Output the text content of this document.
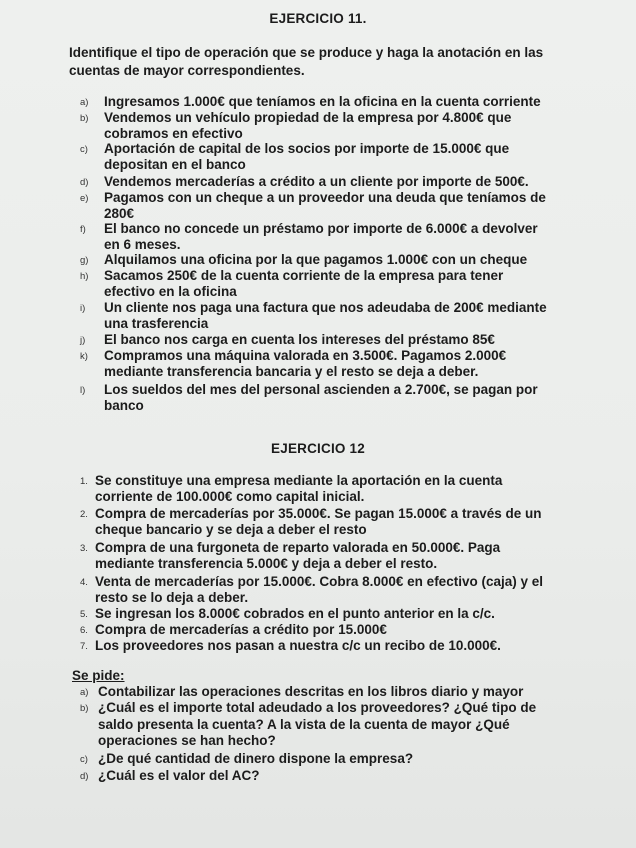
EJERCICIO 11.
Identifique el tipo de operación que se produce y haga la anotación en las cuentas de mayor correspondientes.
a) Ingresamos 1.000€ que teníamos en la oficina en la cuenta corriente
b) Vendemos un vehículo propiedad de la empresa por 4.800€ que cobramos en efectivo
c) Aportación de capital de los socios por importe de 15.000€ que depositan en el banco
d) Vendemos mercaderías a crédito a un cliente por importe de 500€.
e) Pagamos con un cheque a un proveedor una deuda que teníamos de 280€
f) El banco no concede un préstamo por importe de 6.000€ a devolver en 6 meses.
g) Alquilamos una oficina por la que pagamos 1.000€ con un cheque
h) Sacamos 250€ de la cuenta corriente de la empresa para tener efectivo en la oficina
i) Un cliente nos paga una factura que nos adeudaba de 200€ mediante una trasferencia
j) El banco nos carga en cuenta los intereses del préstamo 85€
k) Compramos una máquina valorada en 3.500€. Pagamos 2.000€ mediante transferencia bancaria y el resto se deja a deber.
l) Los sueldos del mes del personal ascienden a 2.700€, se pagan por banco
EJERCICIO 12
1. Se constituye una empresa mediante la aportación en la cuenta corriente de 100.000€ como capital inicial.
2. Compra de mercaderías por 35.000€. Se pagan 15.000€ a través de un cheque bancario y se deja a deber el resto
3. Compra de una furgoneta de reparto valorada en 50.000€. Paga mediante transferencia 5.000€ y deja a deber el resto.
4. Venta de mercaderías por 15.000€. Cobra 8.000€ en efectivo (caja) y el resto se lo deja a deber.
5. Se ingresan los 8.000€ cobrados en el punto anterior en la c/c.
6. Compra de mercaderías a crédito por 15.000€
7. Los proveedores nos pasan a nuestra c/c un recibo de 10.000€.
Se pide:
a) Contabilizar las operaciones descritas en los libros diario y mayor
b) ¿Cuál es el importe total adeudado a los proveedores? ¿Qué tipo de saldo presenta la cuenta? A la vista de la cuenta de mayor ¿Qué operaciones se han hecho?
c) ¿De qué cantidad de dinero dispone la empresa?
d) ¿Cuál es el valor del AC?
